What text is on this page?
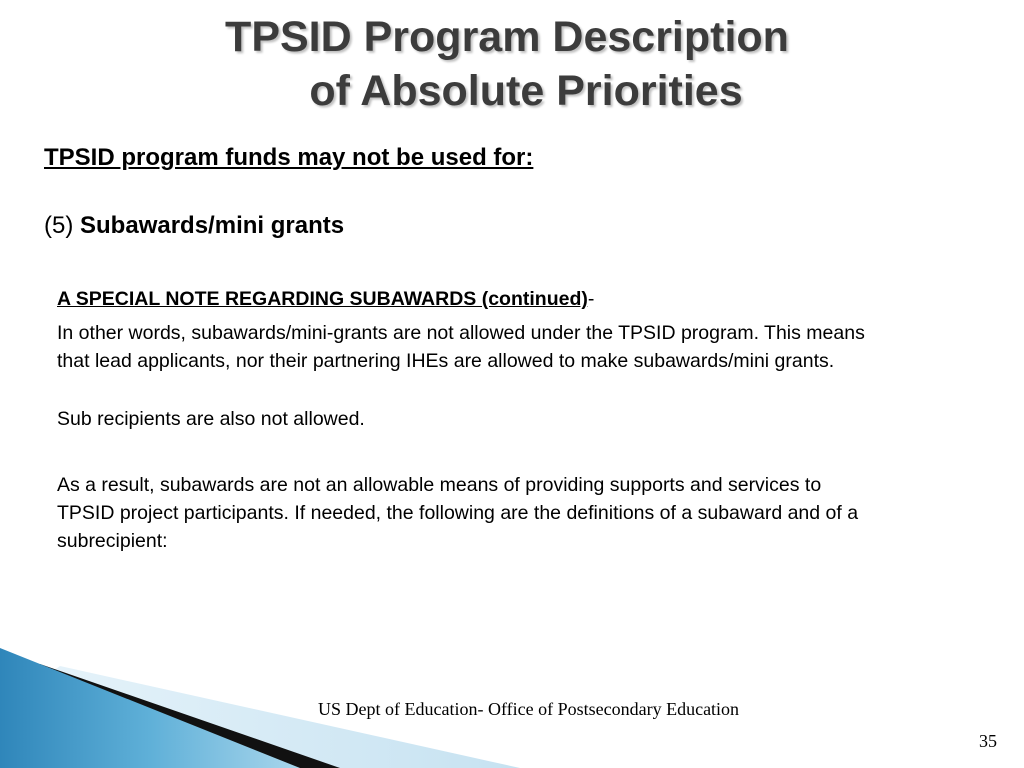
TPSID Program Description
of Absolute Priorities
TPSID program funds may not be used for:
(5) Subawards/mini grants
A SPECIAL NOTE REGARDING SUBAWARDS (continued)-

In other words, subawards/mini-grants are not allowed under the TPSID program. This means that lead applicants, nor their partnering IHEs are allowed to make subawards/mini grants.

Sub recipients are also not allowed.

As a result, subawards are not an allowable means of providing supports and services to TPSID project participants. If needed, the following are the definitions of a subaward and of a subrecipient:

US Dept of Education- Office of Postsecondary Education
35
